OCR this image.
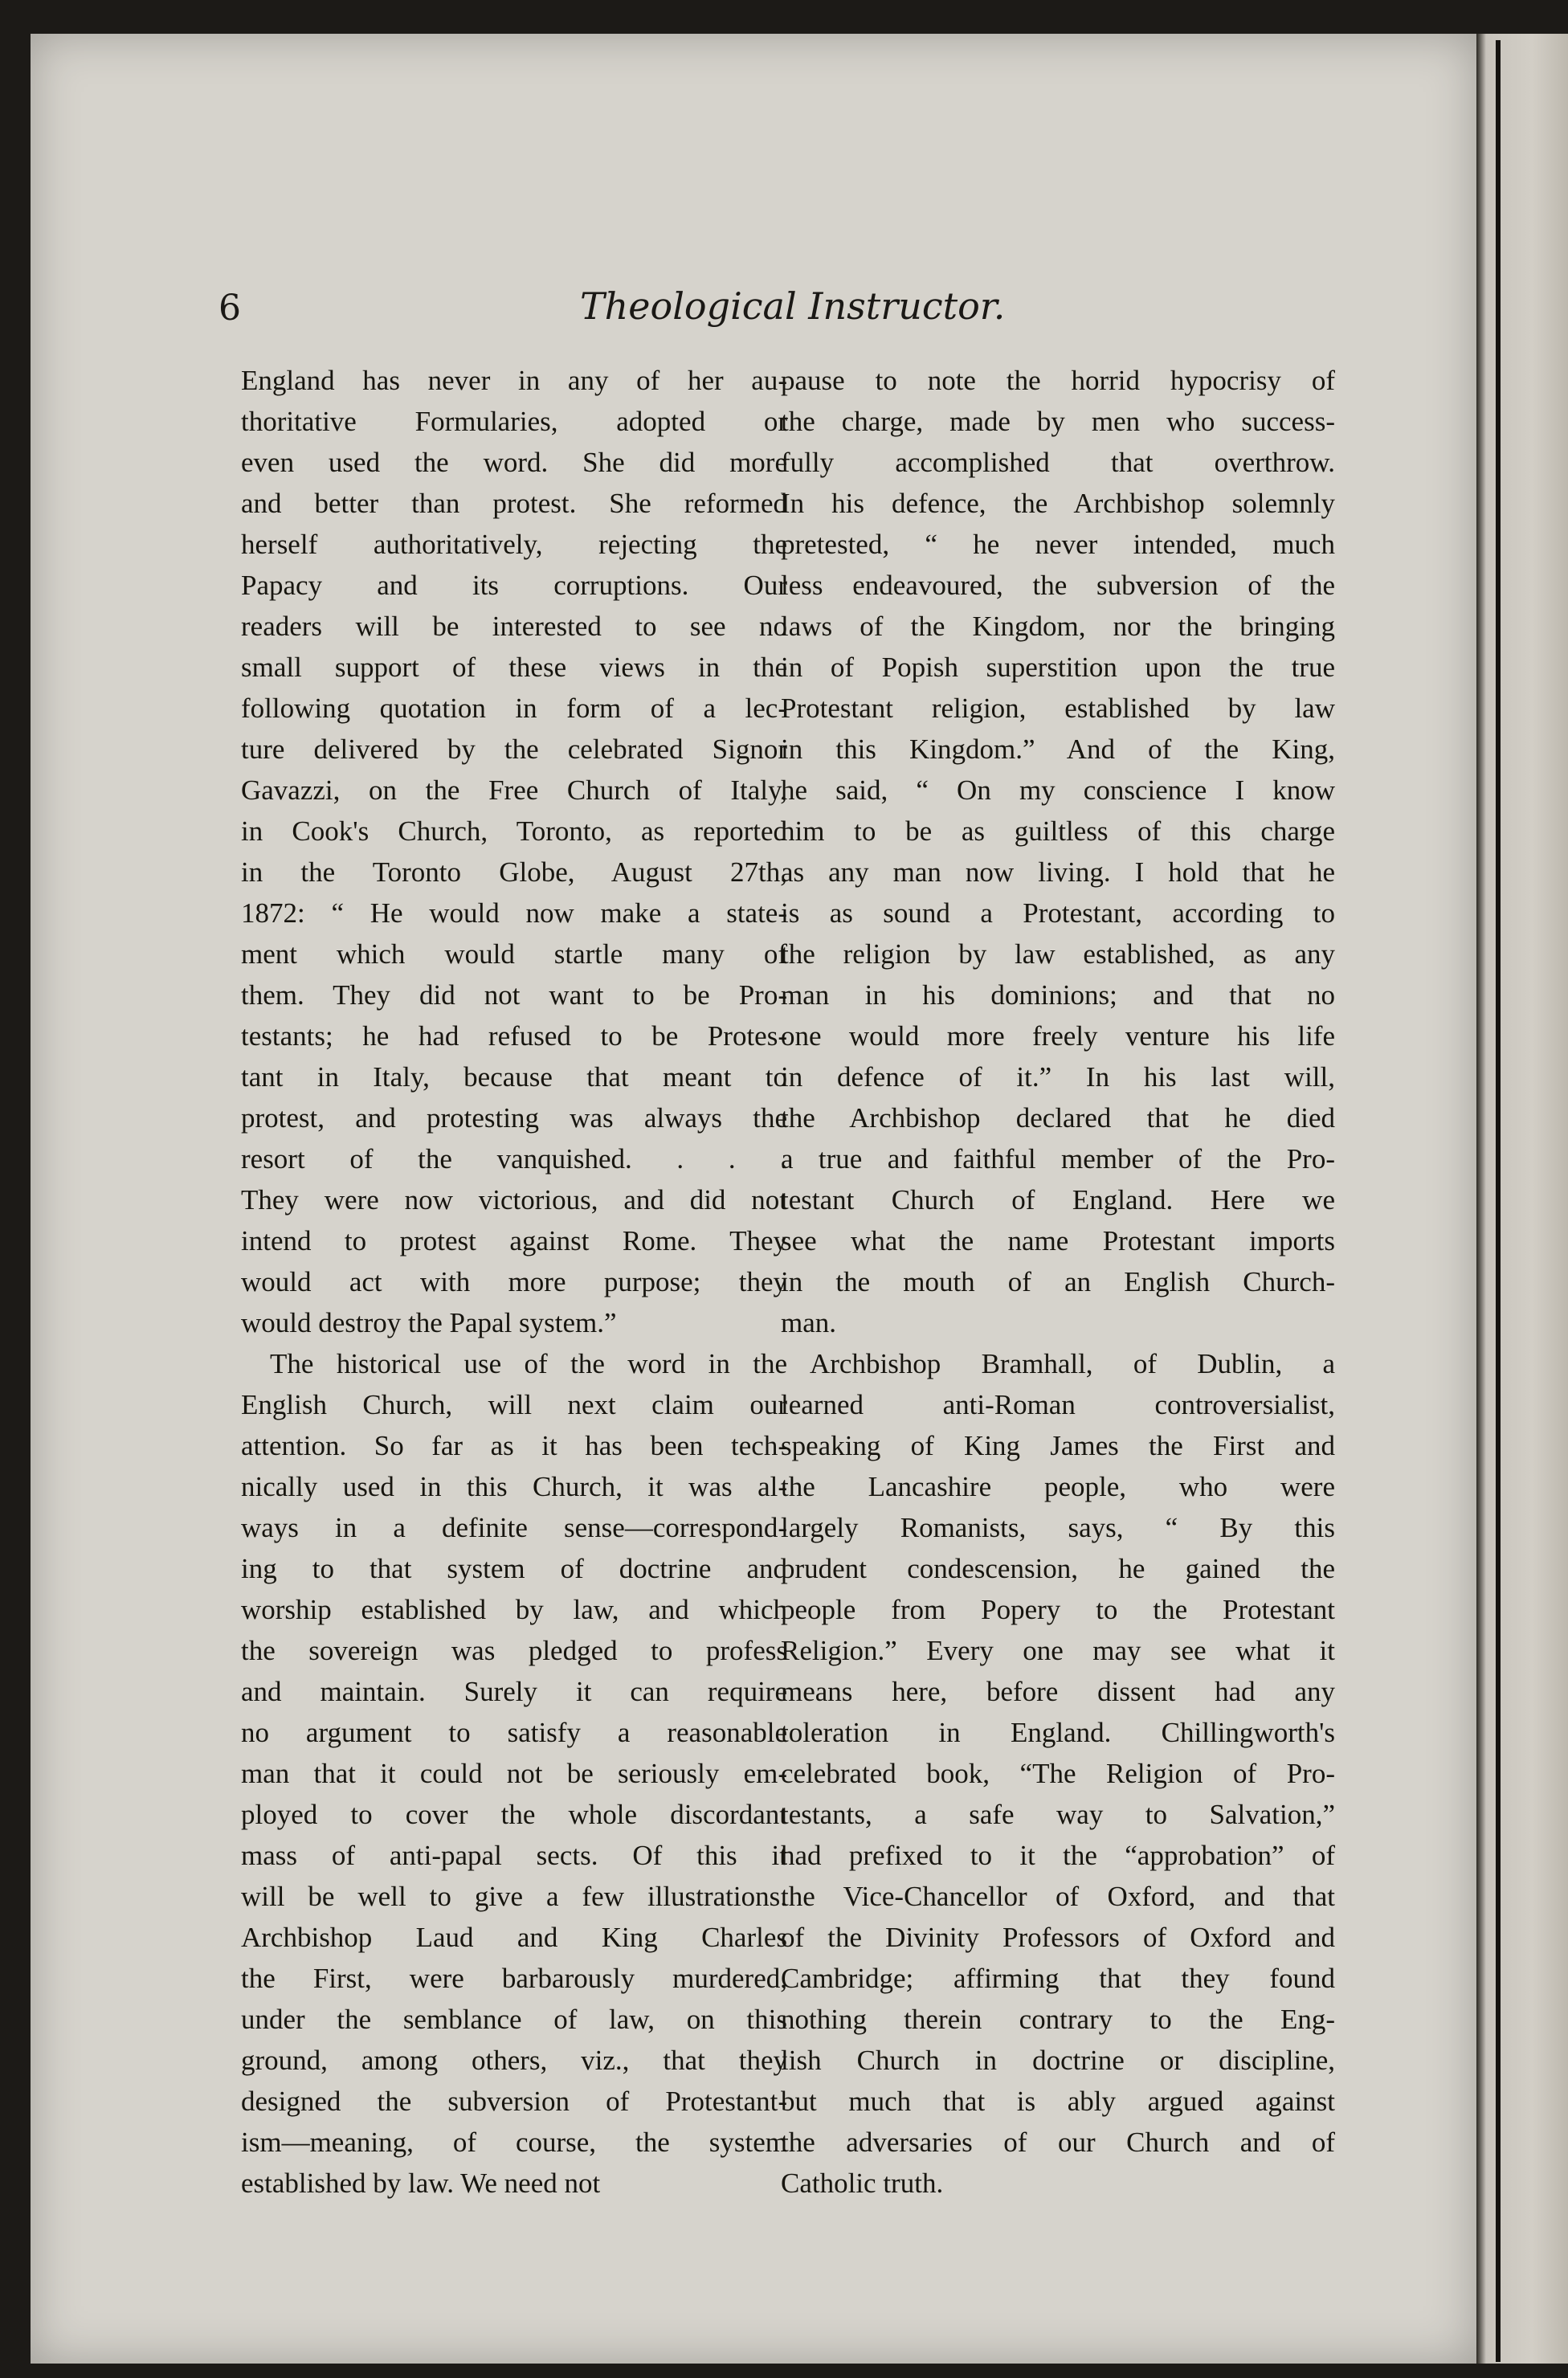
6	Theological Instructor.
England has never in any of her au-
thoritative Formularies, adopted or
even used the word. She did more
and better than protest. She reformed
herself authoritatively, rejecting the
Papacy and its corruptions. Our
readers will be interested to see no
small support of these views in the
following quotation in form of a lec-
ture delivered by the celebrated Signor
Gavazzi, on the Free Church of Italy,
in Cook's Church, Toronto, as reported
in the Toronto Globe, August 27th,
1872: “ He would now make a state-
ment which would startle many of
them. They did not want to be Pro-
testants; he had refused to be Protes-
tant in Italy, because that meant to
protest, and protesting was always the
resort of the vanquished. . . .
They were now victorious, and did not
intend to protest against Rome. They
would act with more purpose; they
would destroy the Papal system.”
The historical use of the word in the
English Church, will next claim our
attention. So far as it has been tech-
nically used in this Church, it was al-
ways in a definite sense—correspond-
ing to that system of doctrine and
worship established by law, and which
the sovereign was pledged to profess
and maintain. Surely it can require
no argument to satisfy a reasonable
man that it could not be seriously em-
ployed to cover the whole discordant
mass of anti-papal sects. Of this it
will be well to give a few illustrations.
Archbishop Laud and King Charles
the First, were barbarously murdered,
under the semblance of law, on this
ground, among others, viz., that they
designed the subversion of Protestant-
ism—meaning, of course, the system
established by law. We need not
pause to note the horrid hypocrisy of
the charge, made by men who success-
fully accomplished that overthrow.
In his defence, the Archbishop solemnly
pretested, “ he never intended, much
less endeavoured, the subversion of the
laws of the Kingdom, nor the bringing
in of Popish superstition upon the true
Protestant religion, established by law
in this Kingdom.” And of the King,
he said, “ On my conscience I know
him to be as guiltless of this charge
as any man now living. I hold that he
is as sound a Protestant, according to
the religion by law established, as any
man in his dominions; and that no
one would more freely venture his life
in defence of it.” In his last will,
the Archbishop declared that he died
a true and faithful member of the Pro-
testant Church of England. Here we
see what the name Protestant imports
in the mouth of an English Church-
man.
Archbishop Bramhall, of Dublin, a
learned anti-Roman controversialist,
speaking of King James the First and
the Lancashire people, who were
largely Romanists, says, “ By this
prudent condescension, he gained the
people from Popery to the Protestant
Religion.” Every one may see what it
means here, before dissent had any
toleration in England. Chillingworth's
celebrated book, “The Religion of Pro-
testants, a safe way to Salvation,”
had prefixed to it the “approbation” of
the Vice-Chancellor of Oxford, and that
of the Divinity Professors of Oxford and
Cambridge; affirming that they found
nothing therein contrary to the Eng-
lish Church in doctrine or discipline,
but much that is ably argued against
the adversaries of our Church and of
Catholic truth.
